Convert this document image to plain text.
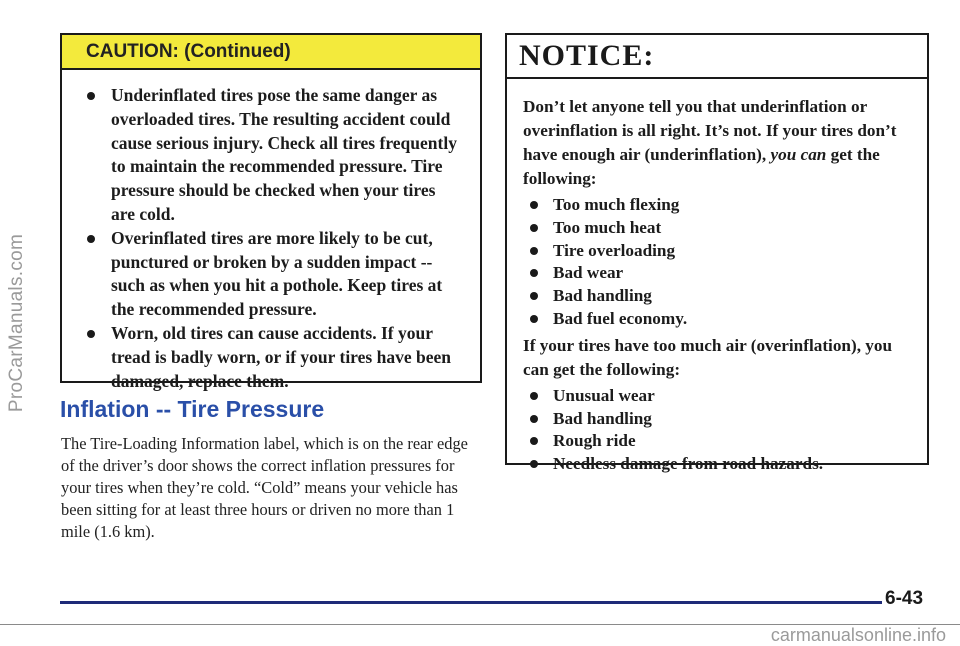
ProCarManuals.com
CAUTION: (Continued)
Underinflated tires pose the same danger as overloaded tires. The resulting accident could cause serious injury. Check all tires frequently to maintain the recommended pressure. Tire pressure should be checked when your tires are cold.
Overinflated tires are more likely to be cut, punctured or broken by a sudden impact -- such as when you hit a pothole. Keep tires at the recommended pressure.
Worn, old tires can cause accidents. If your tread is badly worn, or if your tires have been damaged, replace them.
Inflation -- Tire Pressure

The Tire-Loading Information label, which is on the rear edge of the driver’s door shows the correct inflation pressures for your tires when they’re cold. “Cold” means your vehicle has been sitting for at least three hours or driven no more than 1 mile (1.6 km).

NOTICE:

Don’t let anyone tell you that underinflation or overinflation is all right. It’s not. If your tires don’t have enough air (underinflation), you can get the following:

Too much flexing
Too much heat
Tire overloading
Bad wear
Bad handling
Bad fuel economy.

If your tires have too much air (overinflation), you can get the following:

Unusual wear
Bad handling
Rough ride
Needless damage from road hazards.

6-43

carmanualsonline.info
